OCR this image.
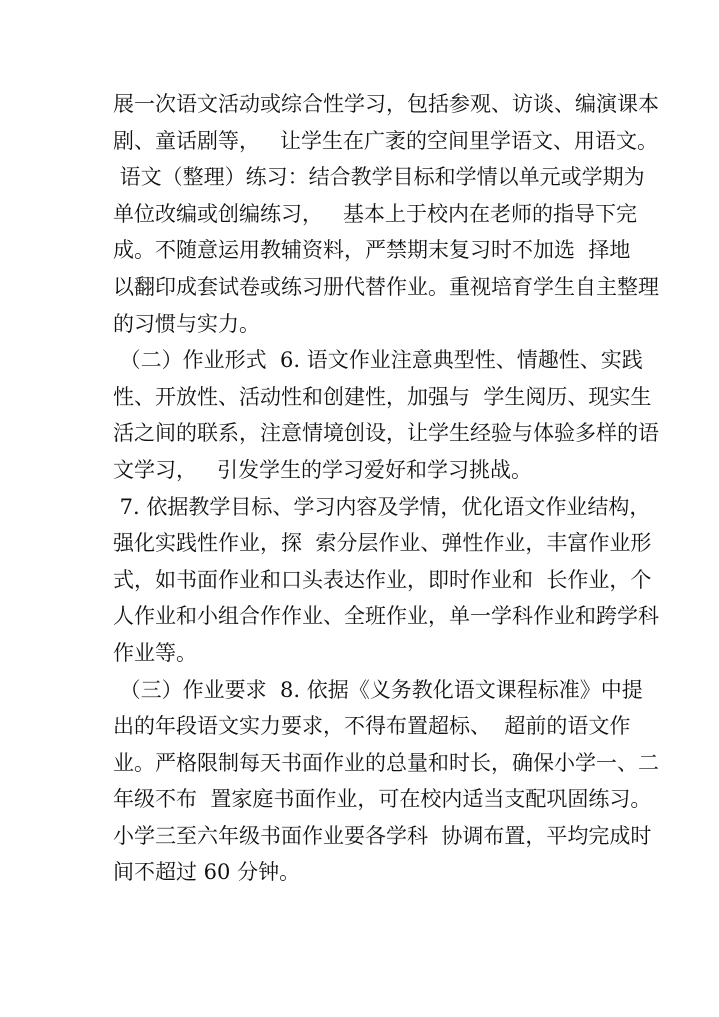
展一次语文活动或综合性学习，包括参观、访谈、编演课本
剧、童话剧等，   让学生在广袤的空间里学语文、用语文。
语文（整理）练习：结合教学目标和学情以单元或学期为
单位改编或创编练习，   基本上于校内在老师的指导下完
成。不随意运用教辅资料，严禁期末复习时不加选  择地
以翻印成套试卷或练习册代替作业。重视培育学生自主整理
的习惯与实力。
（二）作业形式  6. 语文作业注意典型性、情趣性、实践
性、开放性、活动性和创建性，加强与  学生阅历、现实生
活之间的联系，注意情境创设，让学生经验与体验多样的语
文学习，   引发学生的学习爱好和学习挑战。
7. 依据教学目标、学习内容及学情，优化语文作业结构，
强化实践性作业，探  索分层作业、弹性作业，丰富作业形
式，如书面作业和口头表达作业，即时作业和  长作业，个
人作业和小组合作作业、全班作业，单一学科作业和跨学科
作业等。
（三）作业要求  8. 依据《义务教化语文课程标准》中提
出的年段语文实力要求，不得布置超标、  超前的语文作
业。严格限制每天书面作业的总量和时长，确保小学一、二
年级不布  置家庭书面作业，可在校内适当支配巩固练习。
小学三至六年级书面作业要各学科  协调布置，平均完成时
间不超过 60 分钟。
